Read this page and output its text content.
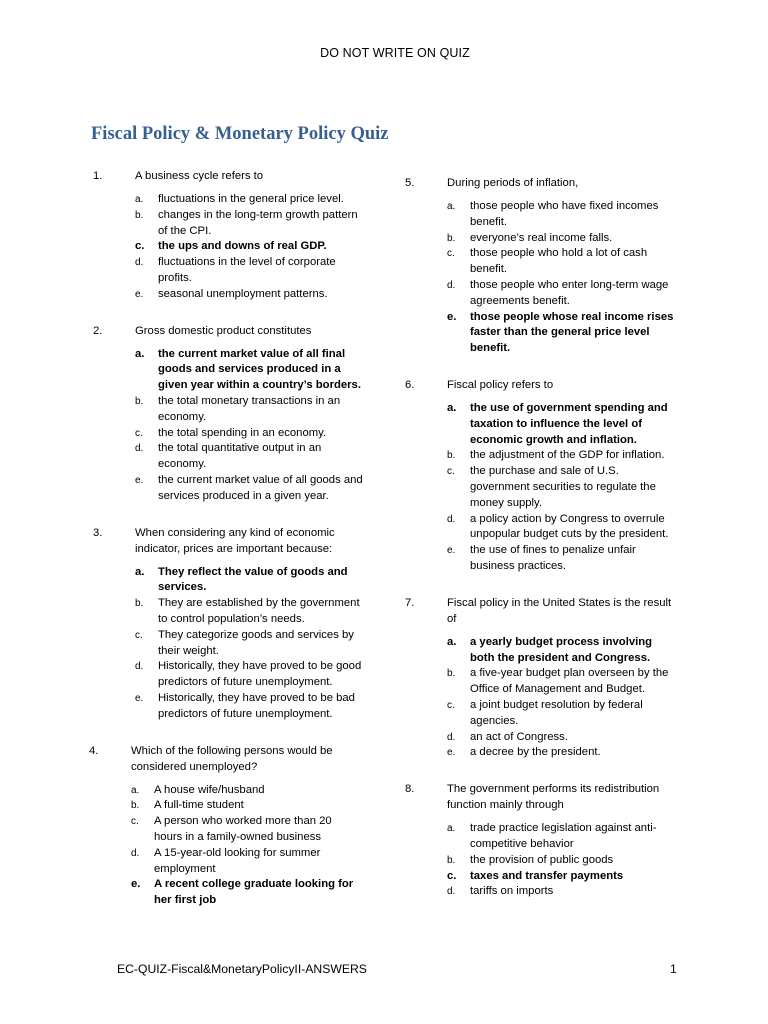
DO NOT WRITE ON QUIZ
Fiscal Policy & Monetary Policy Quiz
1.	A business cycle refers to
a.	fluctuations in the general price level.
b.	changes in the long-term growth pattern of the CPI.
c.	the ups and downs of real GDP.
d.	fluctuations in the level of corporate profits.
e.	seasonal unemployment patterns.
2.	Gross domestic product constitutes
a.	the current market value of all final goods and services produced in a given year within a country’s borders.
b.	the total monetary transactions in an economy.
c.	the total spending in an economy.
d.	the total quantitative output in an economy.
e.	the current market value of all goods and services produced in a given year.
3.	When considering any kind of economic indicator, prices are important because:
a.	They reflect the value of goods and services.
b.	They are established by the government to control population’s needs.
c.	They categorize goods and services by their weight.
d.	Historically, they have proved to be good predictors of future unemployment.
e.	Historically, they have proved to be bad predictors of future unemployment.
4.	Which of the following persons would be considered unemployed?
a.	A house wife/husband
b.	A full-time student
c.	A person who worked more than 20 hours in a family-owned business
d.	A 15-year-old looking for summer employment
e.	A recent college graduate looking for her first job
5.	During periods of inflation,
a.	those people who have fixed incomes benefit.
b.	everyone’s real income falls.
c.	those people who hold a lot of cash benefit.
d.	those people who enter long-term wage agreements benefit.
e.	those people whose real income rises faster than the general price level benefit.
6.	Fiscal policy refers to
a.	the use of government spending and taxation to influence the level of economic growth and inflation.
b.	the adjustment of the GDP for inflation.
c.	the purchase and sale of U.S. government securities to regulate the money supply.
d.	a policy action by Congress to overrule unpopular budget cuts by the president.
e.	the use of fines to penalize unfair business practices.
7.	Fiscal policy in the United States is the result of
a.	a yearly budget process involving both the president and Congress.
b.	a five-year budget plan overseen by the Office of Management and Budget.
c.	a joint budget resolution by federal agencies.
d.	an act of Congress.
e.	a decree by the president.
8.	The government performs its redistribution function mainly through
a.	trade practice legislation against anti-competitive behavior
b.	the provision of public goods
c.	taxes and transfer payments
d.	tariffs on imports
EC-QUIZ-Fiscal&MonetaryPolicyII-ANSWERS	1
